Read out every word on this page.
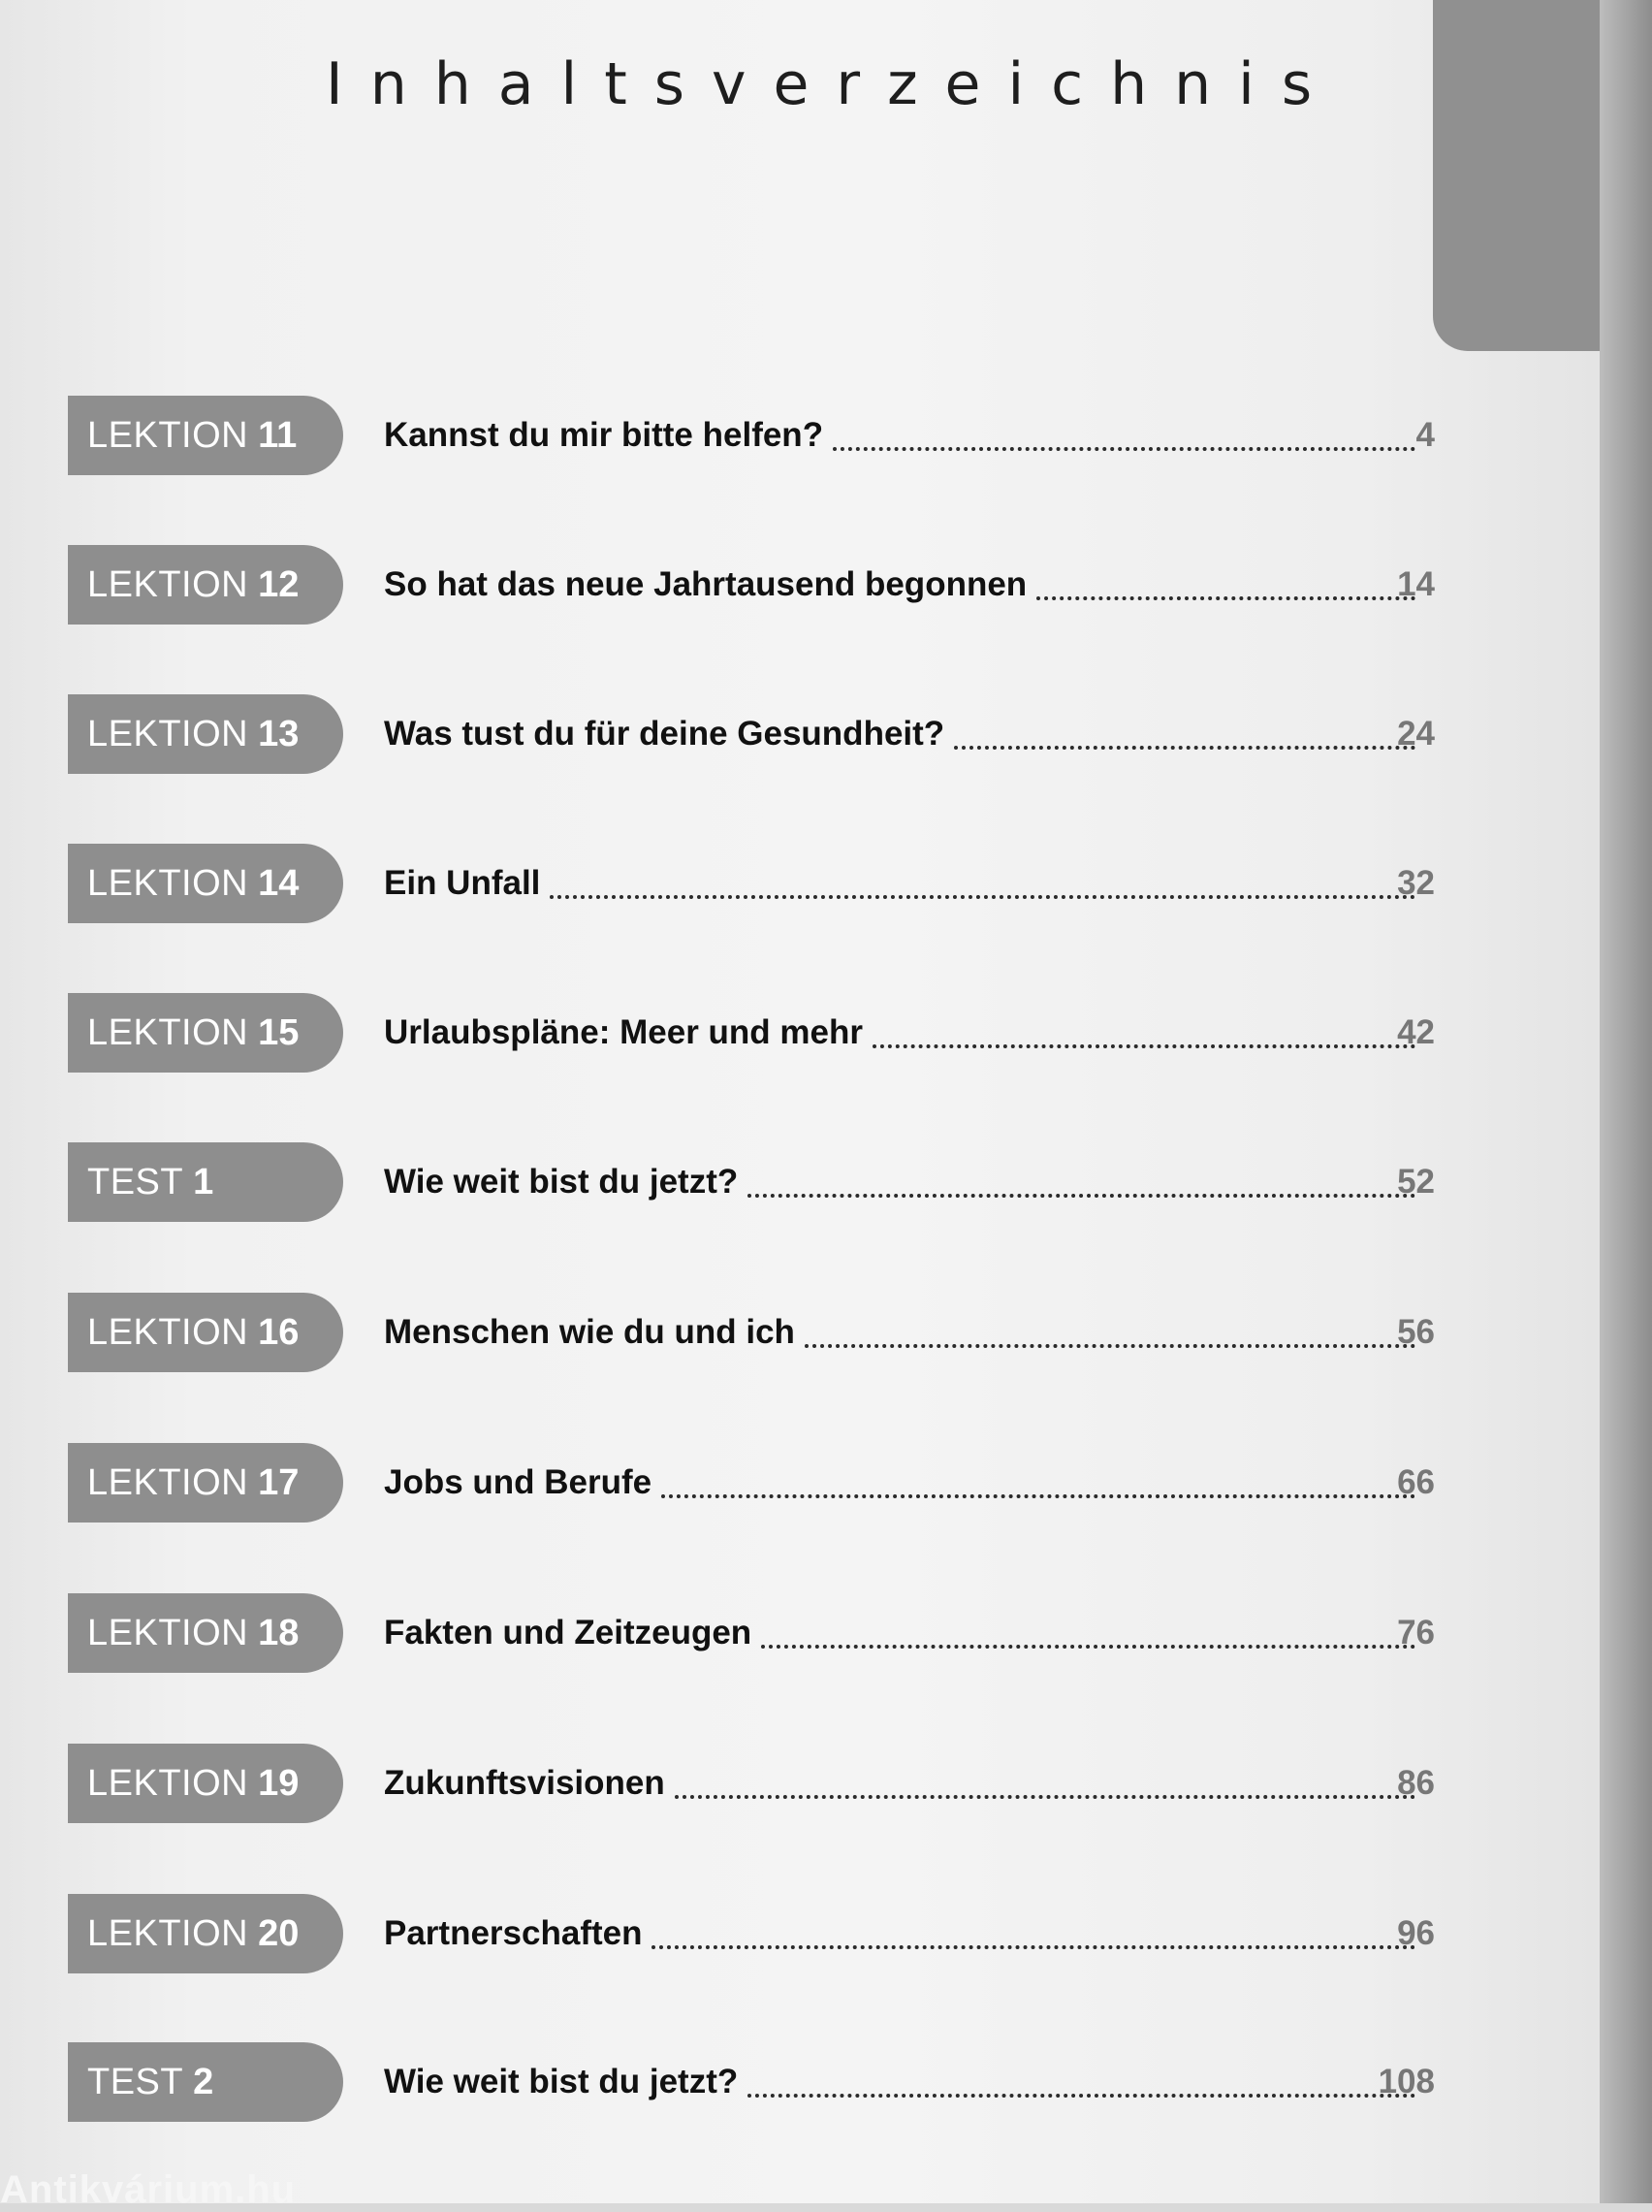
Inhaltsverzeichnis
LEKTION 11	Kannst du mir bitte helfen?	4
LEKTION 12	So hat das neue Jahrtausend begonnen	14
LEKTION 13	Was tust du für deine Gesundheit?	24
LEKTION 14	Ein Unfall	32
LEKTION 15	Urlaubspläne: Meer und mehr	42
TEST 1	Wie weit bist du jetzt?	52
LEKTION 16	Menschen wie du und ich	56
LEKTION 17	Jobs und Berufe	66
LEKTION 18	Fakten und Zeitzeugen	76
LEKTION 19	Zukunftsvisionen	86
LEKTION 20	Partnerschaften	96
TEST 2	Wie weit bist du jetzt?	108
Antikvárium.hu
